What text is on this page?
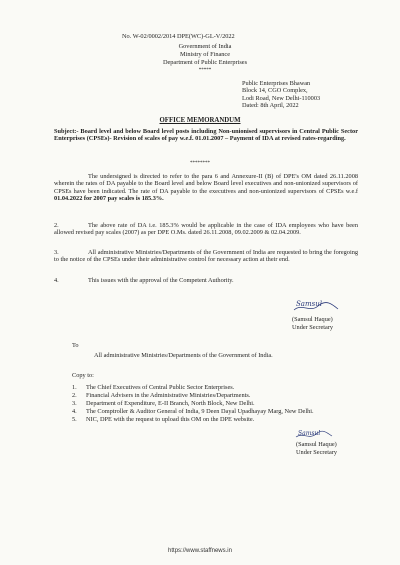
No. W-02/0002/2014 DPE(WC)-GL-V/2022
Government of India
Ministry of Finance
Department of Public Enterprises
*****
Public Enterprises Bhawan
Block 14, CGO Complex,
Lodi Road, New Delhi-110003
Dated: 8th April, 2022
OFFICE MEMORANDUM
Subject:- Board level and below Board level posts including Non-unionised supervisors in Central Public Sector Enterprises (CPSEs)- Revision of scales of pay w.e.f. 01.01.2007 – Payment of IDA at revised rates-regarding.
********
The undersigned is directed to refer to the para 6 and Annexure-II (B) of DPE's OM dated 26.11.2008 wherein the rates of DA payable to the Board level and below Board level executives and non-unionized supervisors of CPSEs have been indicated. The rate of DA payable to the executives and non-unionized supervisors of CPSEs w.e.f 01.04.2022 for 2007 pay scales is 185.3%.
2.	The above rate of DA i.e. 185.3% would be applicable in the case of IDA employees who have been allowed revised pay scales (2007) as per DPE O.Ms. dated 26.11.2008, 09.02.2009 & 02.04.2009.
3.	All administrative Ministries/Departments of the Government of India are requested to bring the foregoing to the notice of the CPSEs under their administrative control for necessary action at their end.
4.	This issues with the approval of the Competent Authority.
Samsul
(Samsul Haque)
Under Secretary
To
All administrative Ministries/Departments of the Government of India.
Copy to:
1. The Chief Executives of Central Public Sector Enterprises.
2. Financial Advisers in the Administrative Ministries/Departments.
3. Department of Expenditure, E-II Branch, North Block, New Delhi.
4. The Comptroller & Auditor General of India, 9 Deen Dayal Upadhayay Marg, New Delhi.
5. NIC, DPE with the request to upload this OM on the DPE website.
Samsul
(Samsul Haque)
Under Secretary
https://www.staffnews.in
